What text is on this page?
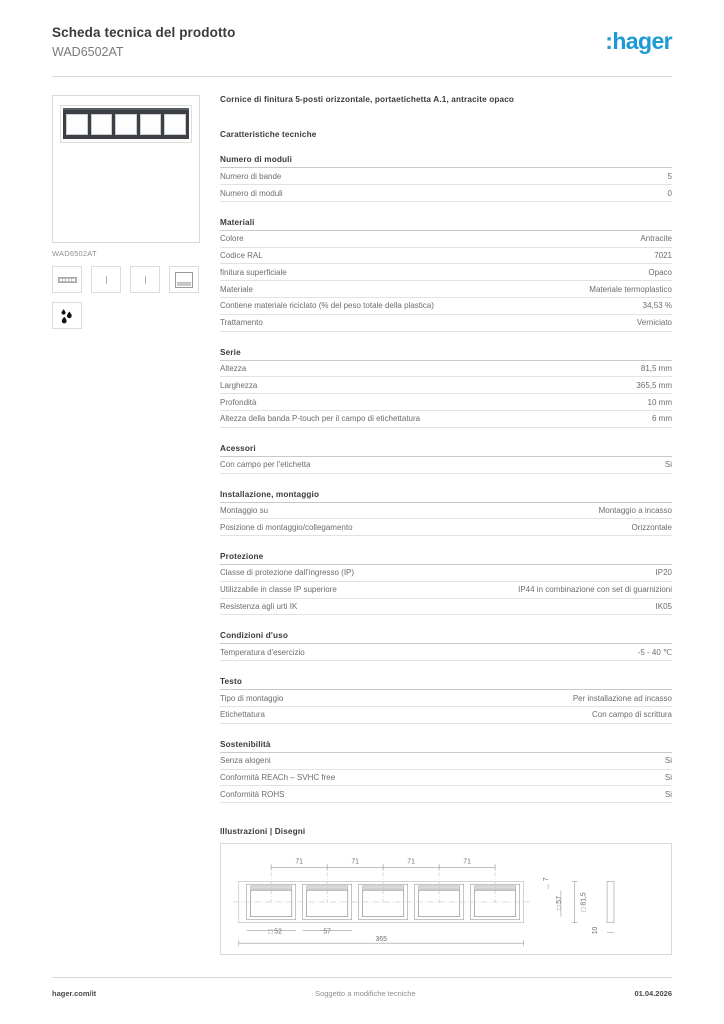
Scheda tecnica del prodotto
WAD6502AT	:hager
WAD6502AT
Cornice di finitura 5-posti orizzontale, portaetichetta A.1, antracite opaco
Caratteristiche tecniche
Numero di moduli
Numero di bande	5
Numero di moduli	0
Materiali
Colore	Antracite
Codice RAL	7021
finitura superficiale	Opaco
Materiale	Materiale termoplastico
Contiene materiale riciclato (% del peso totale della plastica)	34,53 %
Trattamento	Verniciato
Serie
Altezza	81,5 mm
Larghezza	365,5 mm
Profondità	10 mm
Altezza della banda P-touch per il campo di etichettatura	6 mm
Acessori
Con campo per l'etichetta	Si
Installazione, montaggio
Montaggio su	Montaggio a incasso
Posizione di montaggio/collegamento	Orizzontale
Protezione
Classe di protezione dall'ingresso (IP)	IP20
Utilizzabile in classe IP superiore	IP44 in combinazione con set di guarnizioni
Resistenza agli urti IK	IK05
Condizioni d'uso
Temperatura d'esercizio	-5 - 40 ℃
Testo
Tipo di montaggio	Per installazione ad incasso
Etichettatura	Con campo di scrittura
Sostenibilità
Senza alogeni	Si
Conformità REACh – SVHC free	Si
Conformità ROHS	Si
Illustrazioni | Disegni
71	71	71	71
□ 52	57
365
7
□ 57	□ 81,5
10
hager.com/it	Soggetto a modifiche tecniche	01.04.2026
